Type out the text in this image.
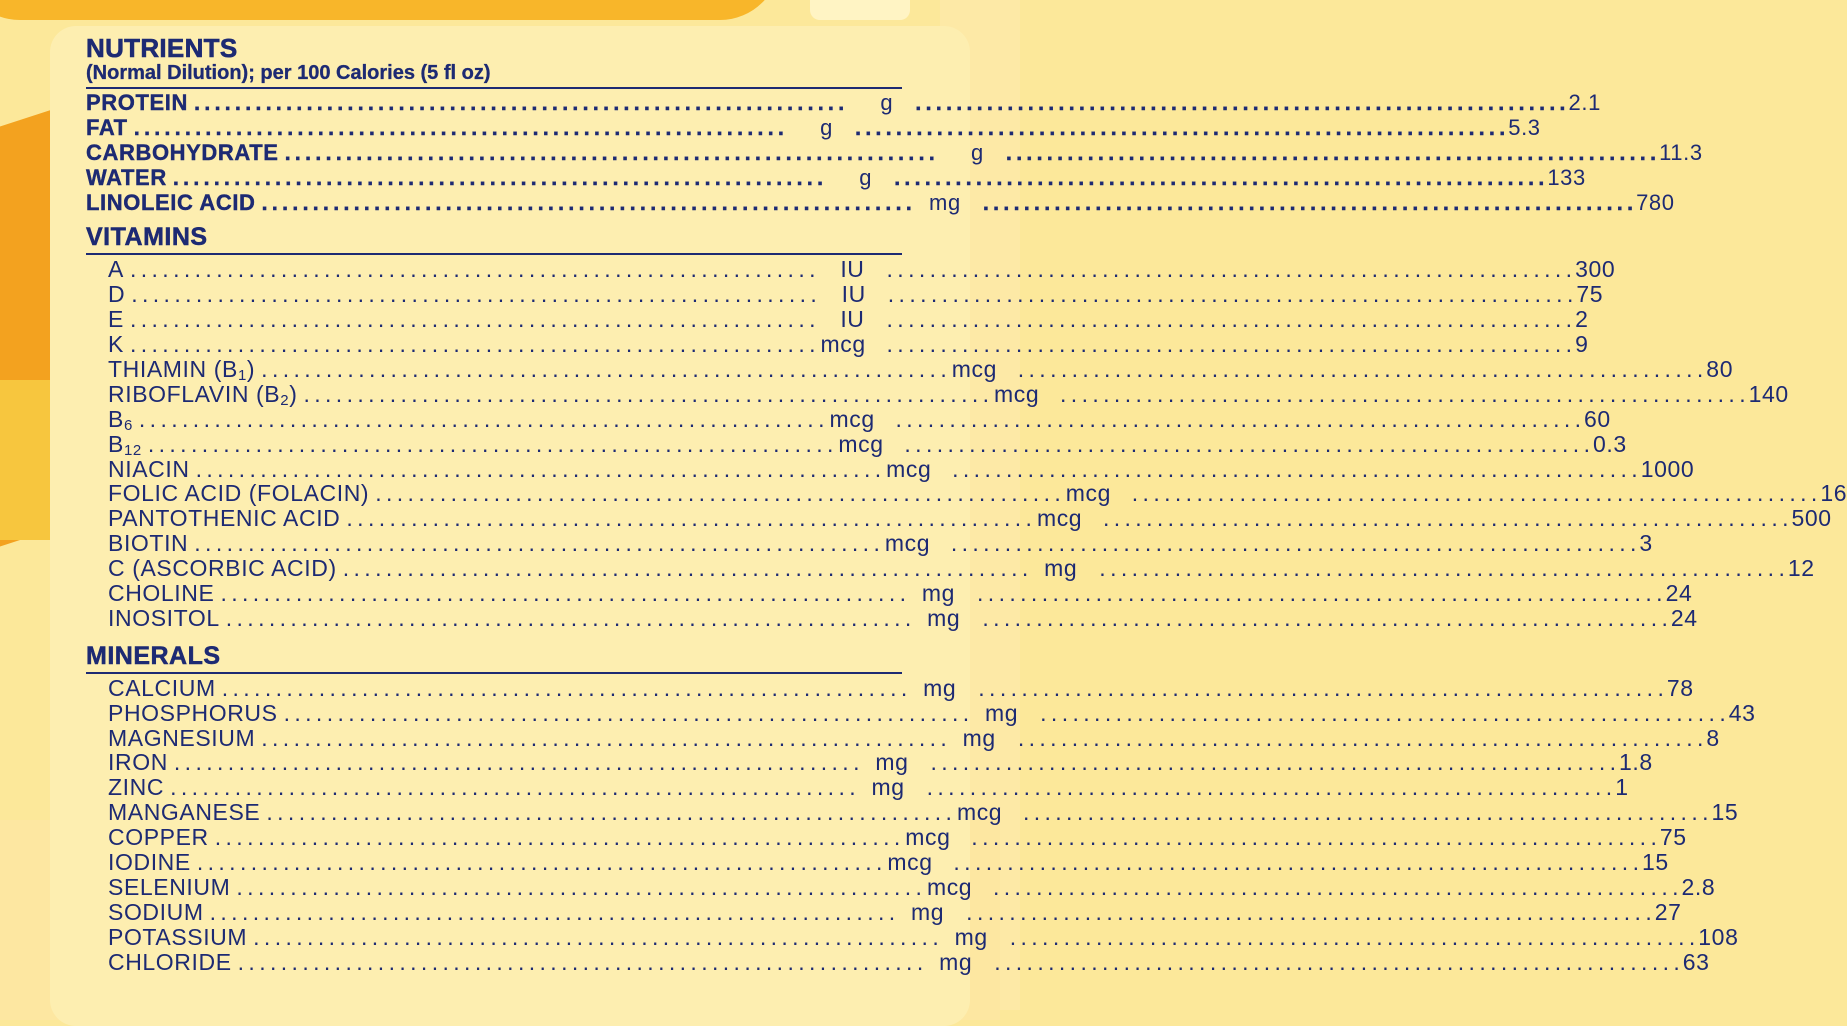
NUTRIENTS
(Normal Dilution); per 100 Calories (5 fl oz)
PROTEIN . . .	g . . .	2.1
FAT . . .	g . . .	5.3
CARBOHYDRATE . . .	g . . .	11.3
WATER . . .	g . . .	133
LINOLEIC ACID . . .	mg . . .	780
VITAMINS
A . . .	IU . . .	300
D . . .	IU . . .	75
E . . .	IU . . .	2
K . . .	mcg . . .	9
THIAMIN $(B_1)$ . . .	mcg . . .	80
RIBOFLAVIN $(B_2)$ . . .	mcg . . .	140
$B_6$ . . .	mcg . . .	60
$B_{12}$ . . .	mcg . . .	0.3
NIACIN . . .	mcg . . .	1000
FOLIC ACID (FOLACIN) . . .	mcg . . .	16
PANTOTHENIC ACID . . .	mcg . . .	500
BIOTIN . . .	mcg . . .	3
C (ASCORBIC ACID) . . .	mg . . .	12
CHOLINE . . .	mg . . .	24
INOSITOL . . .	mg . . .	24
MINERALS
CALCIUM . . .	mg . . .	78
PHOSPHORUS . . .	mg . . .	43
MAGNESIUM . . .	mg . . .	8
IRON . . .	mg . . .	1.8
ZINC . . .	mg . . .	1
MANGANESE . . .	mcg . . .	15
COPPER . . .	mcg . . .	75
IODINE . . .	mcg . . .	15
SELENIUM . . .	mcg . . .	2.8
SODIUM . . .	mg . . .	27
POTASSIUM . . .	mg . . .	108
CHLORIDE . . .	mg . . .	63
